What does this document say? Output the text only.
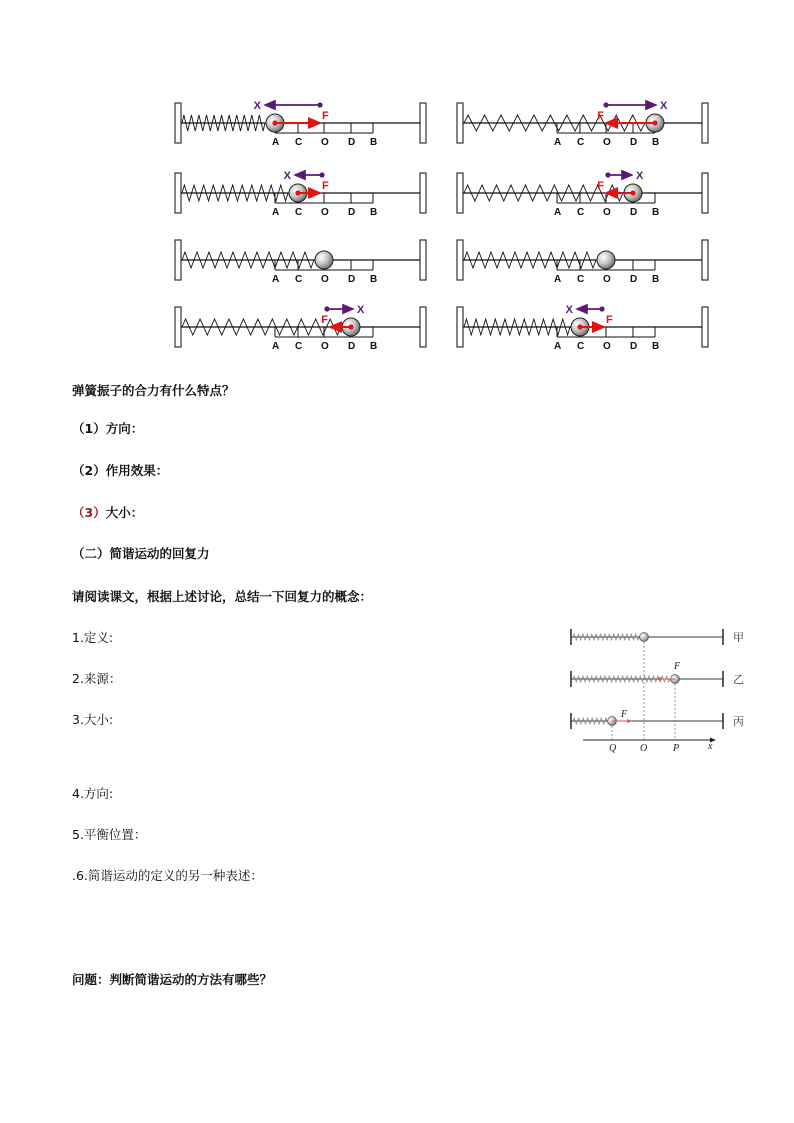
A C O D B
F
X
A C O D B
F
X
A C O D B
F
X
A C O D B
F
X
A C O D B	A C O D B
A C O D B
F
X
A C O D B
F
X
弹簧振子的合力有什么特点？
（1）方向：
（2）作用效果：
（3）大小：
（二）简谐运动的回复力
请阅读课文，根据上述讨论，总结一下回复力的概念：
1.定义:
2.来源：
3.大小:
4.方向:
5.平衡位置：
.6.简谐运动的定义的另一种表述：
问题：判断简谐运动的方法有哪些？
Q O	P	x
甲
乙
丙
F
F
